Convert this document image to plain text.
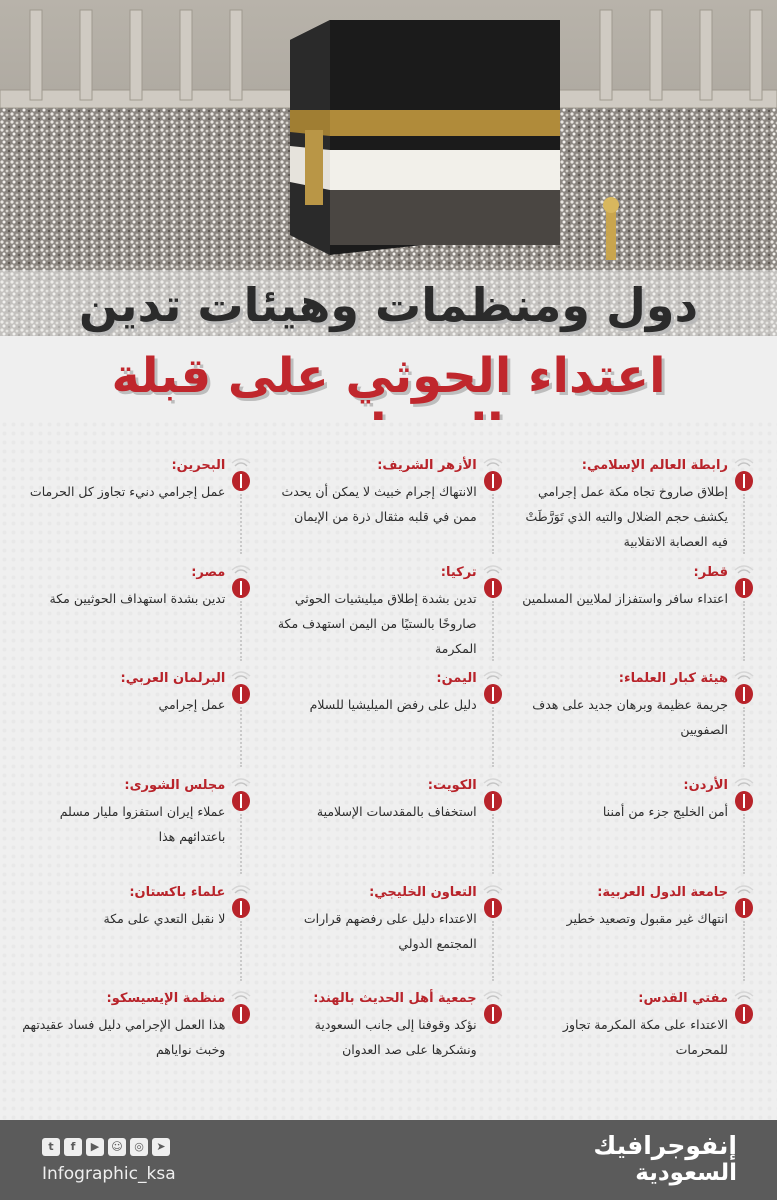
دول ومنظمات وهيئات تدين
اعتداء الحوثي على قبلة
رابطة العالم الإسلامي:
إطلاق صاروخ تجاه مكة عمل إجرامي يكشف حجم الضلال والتيه الذي تَوَرَّطَتْ فيه العصابة الانقلابية
الأزهر الشريف:
الانتهاك إجرام خبيث لا يمكن أن يحدث ممن في قلبه مثقال ذرة من الإيمان
البحرين:
عمل إجرامي دنيء تجاوز كل الحرمات
قطر:
اعتداء سافر واستفزاز لملايين المسلمين
تركيا:
تدين بشدة إطلاق ميليشيات الحوثي صاروخًا بالستيًا من اليمن استهدف مكة المكرمة
مصر:
تدين بشدة استهداف الحوثيين مكة
هيئة كبار العلماء:
جريمة عظيمة وبرهان جديد على هدف الصفويين
اليمن:
دليل على رفض الميليشيا للسلام
البرلمان العربي:
عمل إجرامي
الأردن:
أمن الخليج جزء من أمننا
الكويت:
استخفاف بالمقدسات الإسلامية
مجلس الشورى:
عملاء إيران استفزوا مليار مسلم باعتدائهم هذا
جامعة الدول العربية:
انتهاك غير مقبول وتصعيد خطير
التعاون الخليجي:
الاعتداء دليل على رفضهم قرارات المجتمع الدولي
علماء باكستان:
لا نقبل التعدي على مكة
مفتي القدس:
الاعتداء على مكة المكرمة تجاوز للمحرمات
جمعية أهل الحديث بالهند:
نؤكد وقوفنا إلى جانب السعودية ونشكرها على صد العدوان
منظمة الإيسيسكو:
هذا العمل الإجرامي دليل فساد عقيدتهم وخبث نواياهم
t	f	▶	☺	◎	➤
Infographic_ksa
إنفوجرافيك
السعودية
